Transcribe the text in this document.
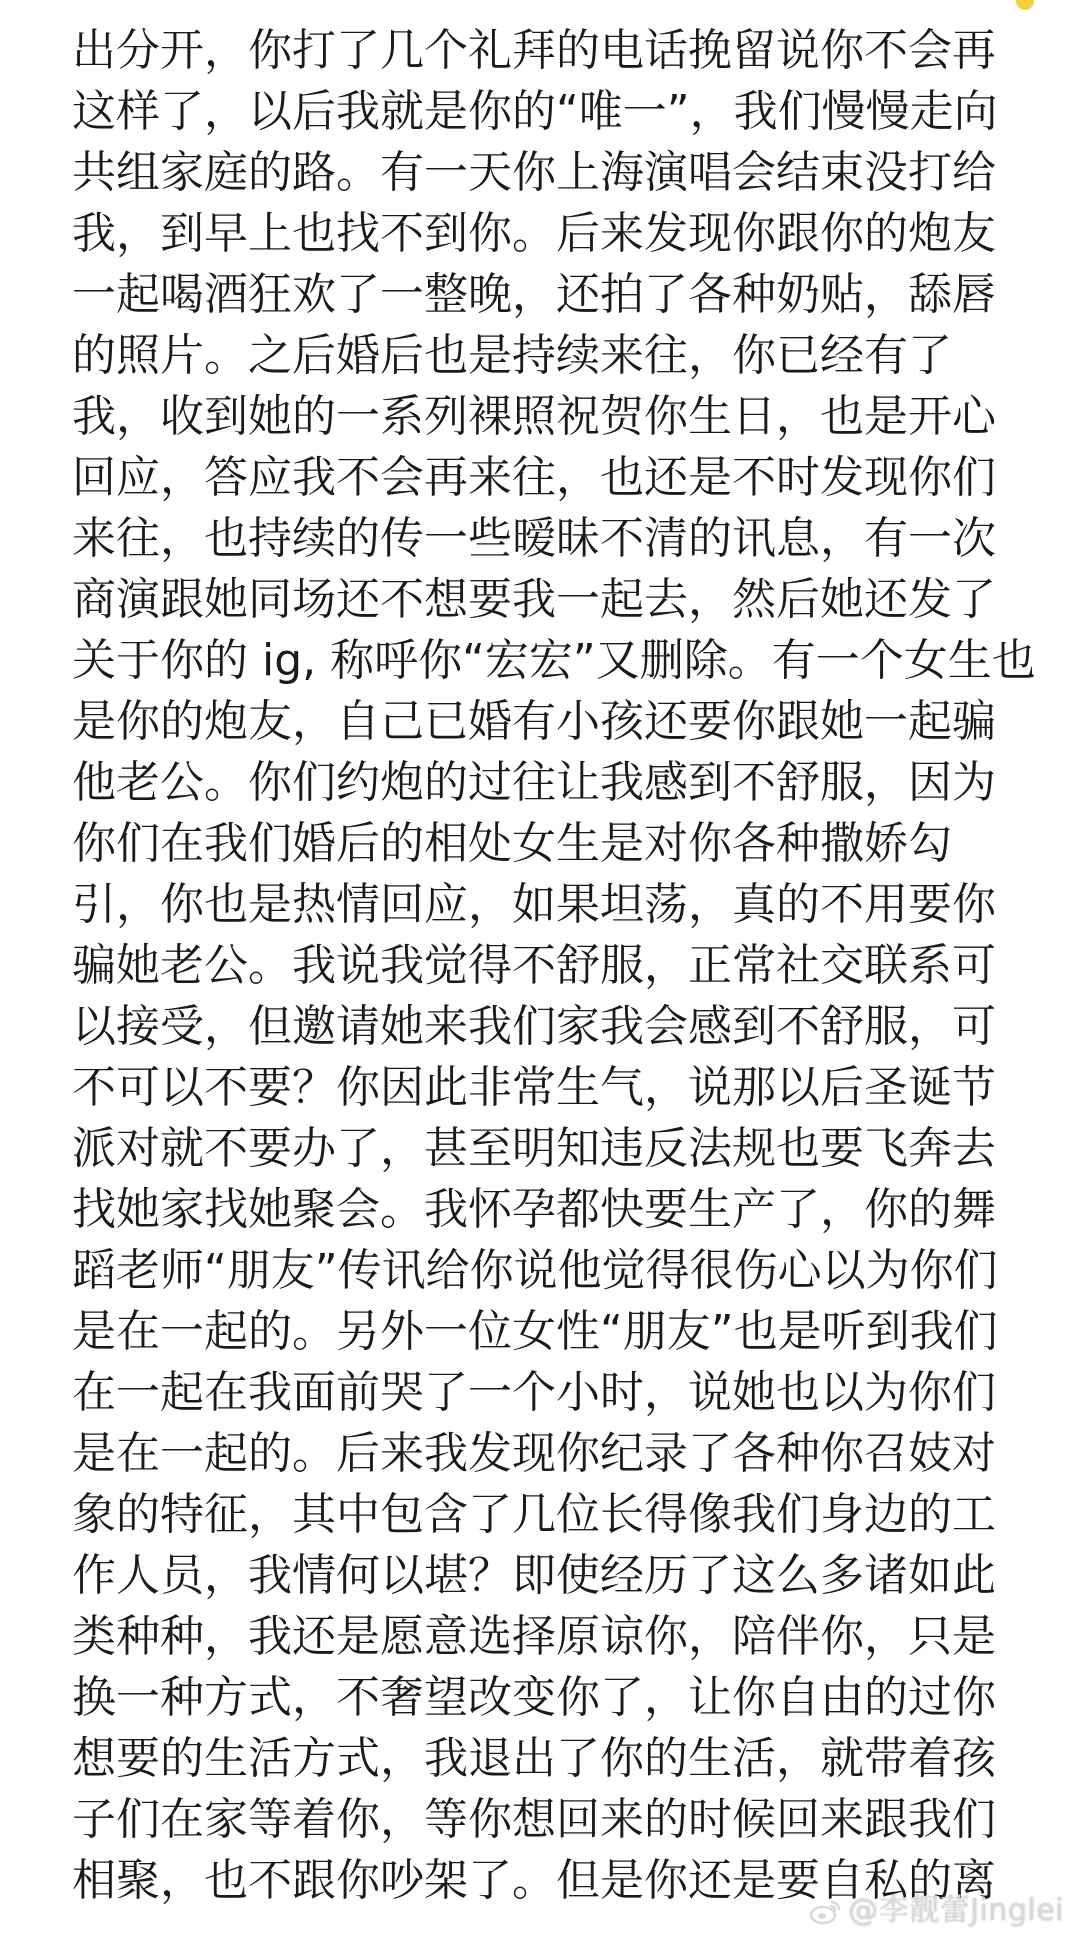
出分开，你打了几个礼拜的电话挽留说你不会再
这样了，以后我就是你的“唯一”，我们慢慢走向
共组家庭的路。有一天你上海演唱会结束没打给
我，到早上也找不到你。后来发现你跟你的炮友
一起喝酒狂欢了一整晚，还拍了各种奶贴，舔唇
的照片。之后婚后也是持续来往，你已经有了
我，收到她的一系列裸照祝贺你生日，也是开心
回应，答应我不会再来往，也还是不时发现你们
来往，也持续的传一些暧昧不清的讯息，有一次
商演跟她同场还不想要我一起去，然后她还发了
关于你的 ig, 称呼你“宏宏”又删除。有一个女生也
是你的炮友，自己已婚有小孩还要你跟她一起骗
他老公。你们约炮的过往让我感到不舒服，因为
你们在我们婚后的相处女生是对你各种撒娇勾
引，你也是热情回应，如果坦荡，真的不用要你
骗她老公。我说我觉得不舒服，正常社交联系可
以接受，但邀请她来我们家我会感到不舒服，可
不可以不要？你因此非常生气，说那以后圣诞节
派对就不要办了，甚至明知违反法规也要飞奔去
找她家找她聚会。我怀孕都快要生产了，你的舞
蹈老师“朋友”传讯给你说他觉得很伤心以为你们
是在一起的。另外一位女性“朋友”也是听到我们
在一起在我面前哭了一个小时，说她也以为你们
是在一起的。后来我发现你纪录了各种你召妓对
象的特征，其中包含了几位长得像我们身边的工
作人员，我情何以堪？即使经历了这么多诸如此
类种种，我还是愿意选择原谅你，陪伴你，只是
换一种方式，不奢望改变你了，让你自由的过你
想要的生活方式，我退出了你的生活，就带着孩
子们在家等着你，等你想回来的时候回来跟我们
相聚，也不跟你吵架了。但是你还是要自私的离
@李靓蕾Jinglei
